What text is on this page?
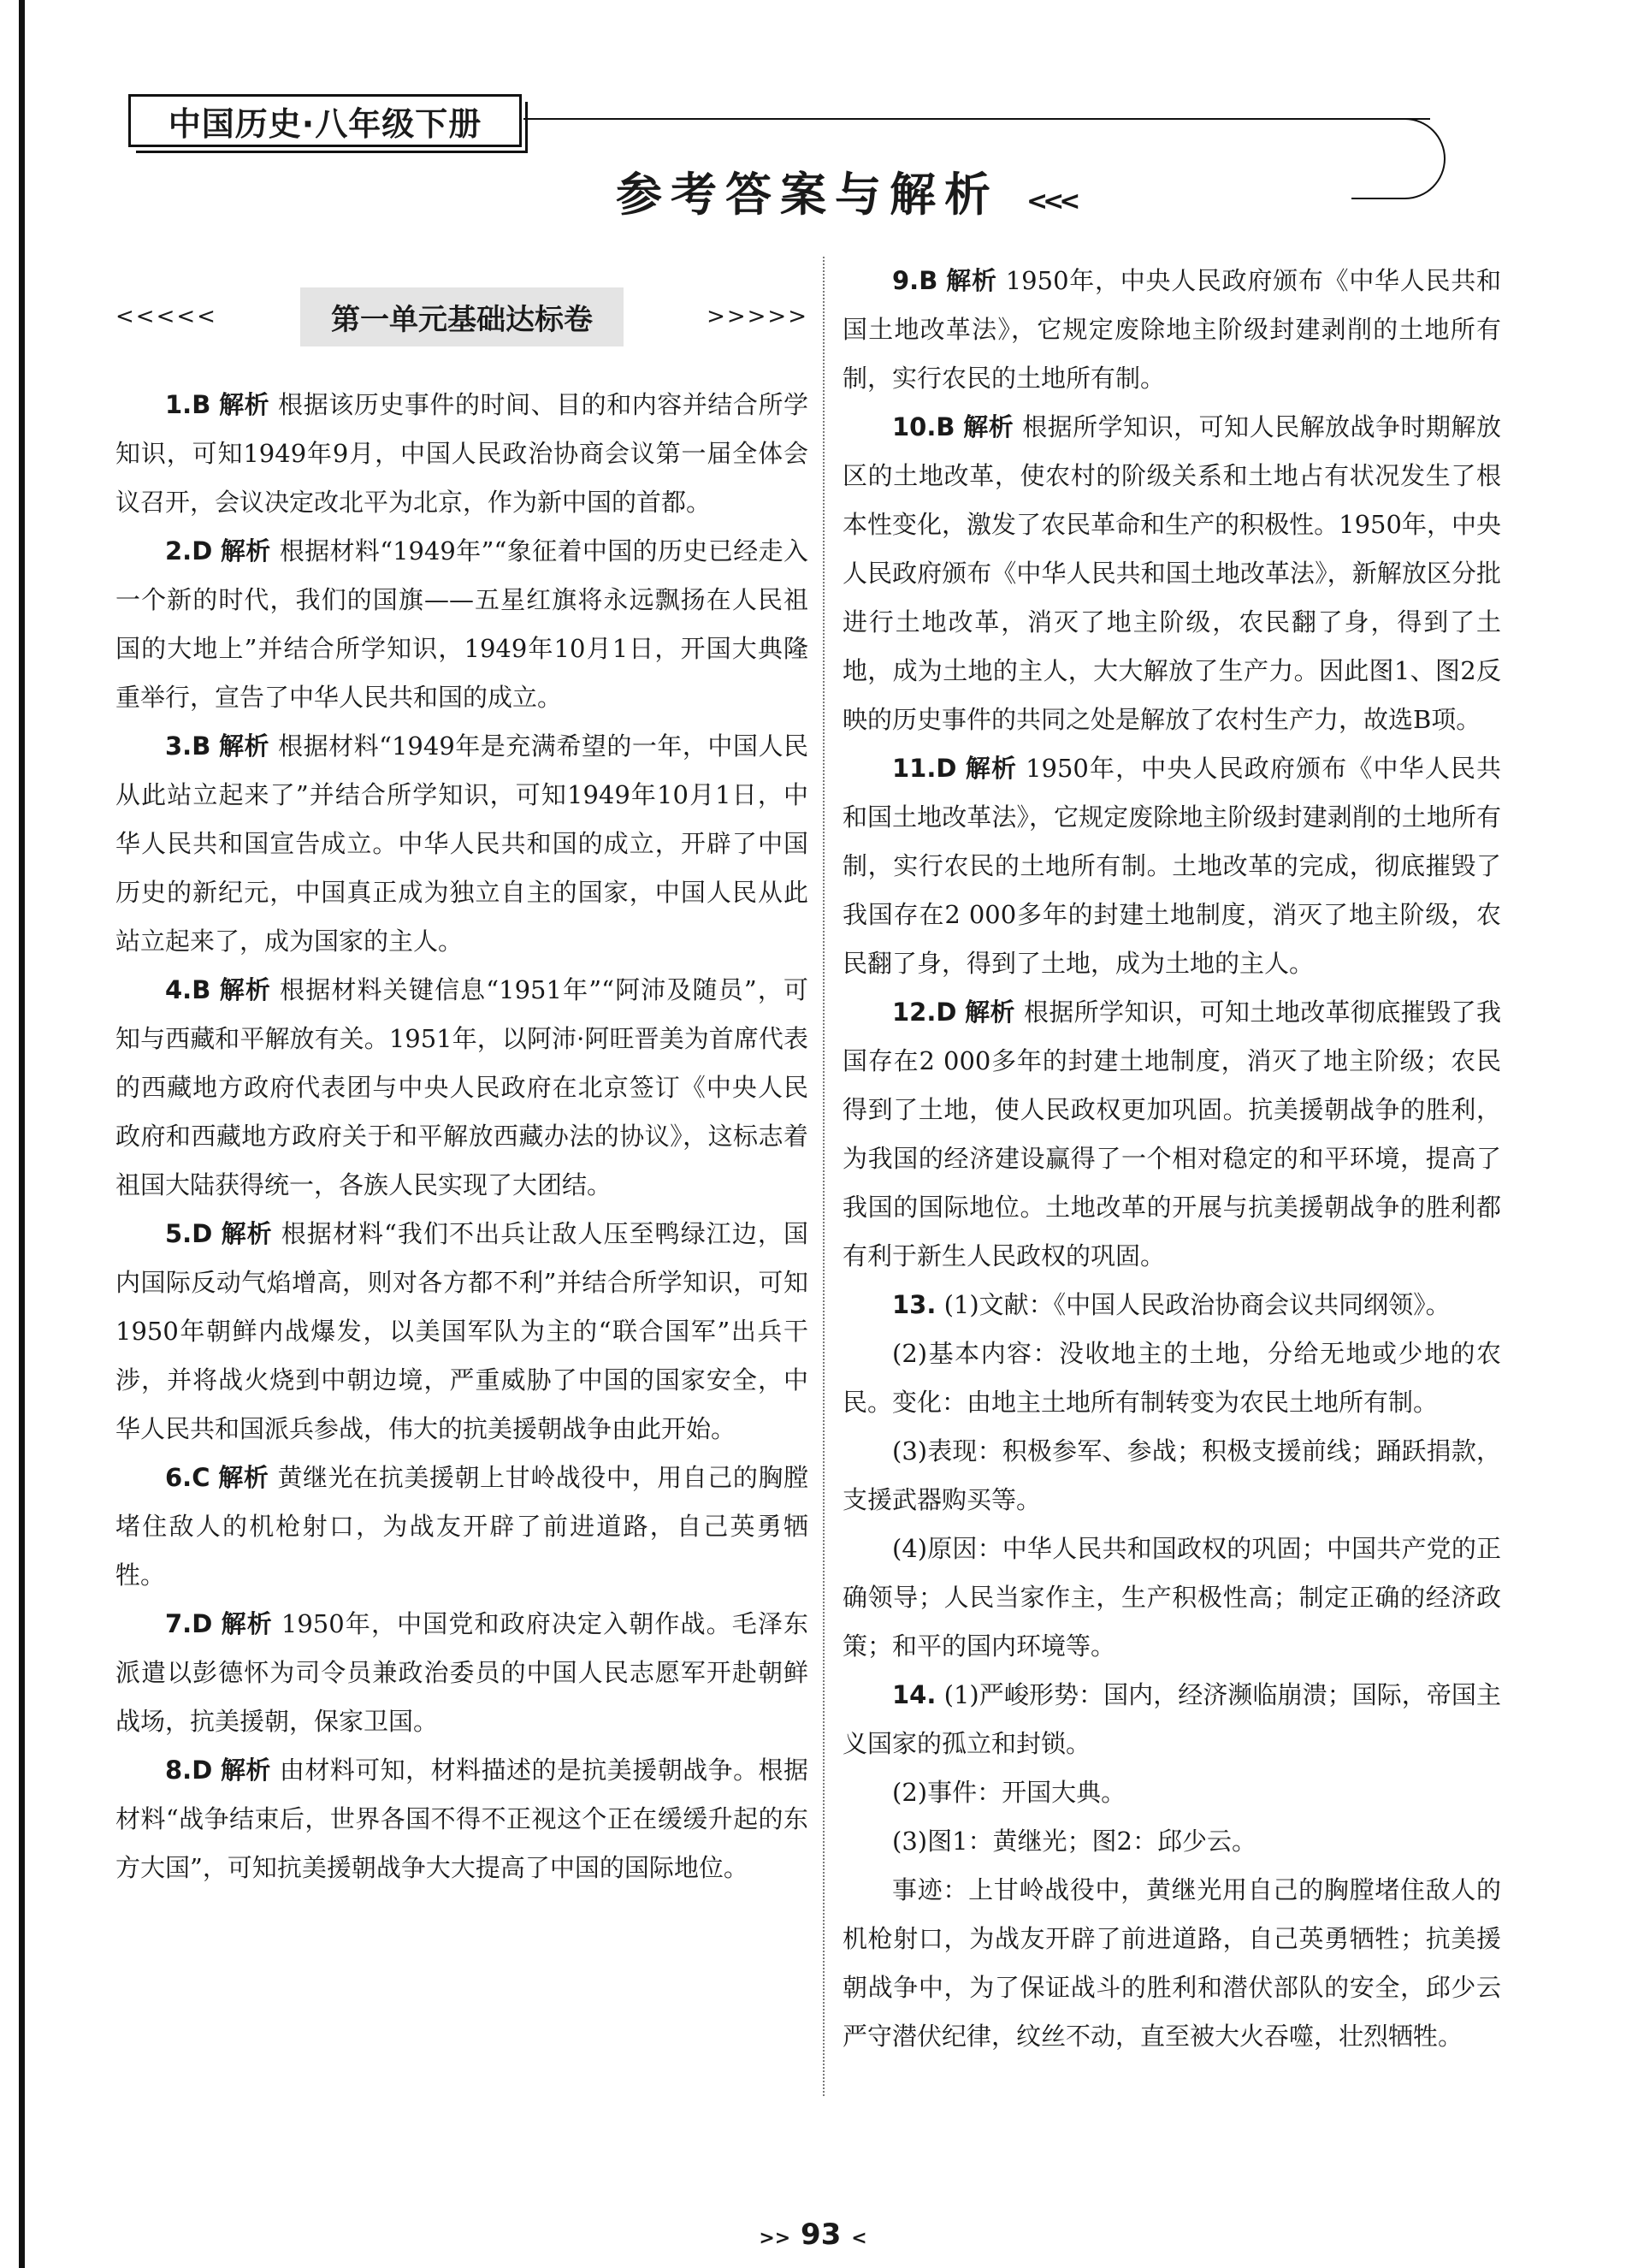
中国历史·八年级下册
参考答案与解析 <<<
<<<<<	第一单元基础达标卷	>>>>>

1.B 解析 根据该历史事件的时间、目的和内容并结合所学知识，可知1949年9月，中国人民政治协商会议第一届全体会议召开，会议决定改北平为北京，作为新中国的首都。

2.D 解析 根据材料“1949年”“象征着中国的历史已经走入一个新的时代，我们的国旗——五星红旗将永远飘扬在人民祖国的大地上”并结合所学知识，1949年10月1日，开国大典隆重举行，宣告了中华人民共和国的成立。

3.B 解析 根据材料“1949年是充满希望的一年，中国人民从此站立起来了”并结合所学知识，可知1949年10月1日，中华人民共和国宣告成立。中华人民共和国的成立，开辟了中国历史的新纪元，中国真正成为独立自主的国家，中国人民从此站立起来了，成为国家的主人。

4.B 解析 根据材料关键信息“1951年”“阿沛及随员”，可知与西藏和平解放有关。1951年，以阿沛·阿旺晋美为首席代表的西藏地方政府代表团与中央人民政府在北京签订《中央人民政府和西藏地方政府关于和平解放西藏办法的协议》，这标志着祖国大陆获得统一，各族人民实现了大团结。

5.D 解析 根据材料“我们不出兵让敌人压至鸭绿江边，国内国际反动气焰增高，则对各方都不利”并结合所学知识，可知1950年朝鲜内战爆发，以美国军队为主的“联合国军”出兵干涉，并将战火烧到中朝边境，严重威胁了中国的国家安全，中华人民共和国派兵参战，伟大的抗美援朝战争由此开始。

6.C 解析 黄继光在抗美援朝上甘岭战役中，用自己的胸膛堵住敌人的机枪射口，为战友开辟了前进道路，自己英勇牺牲。

7.D 解析 1950年，中国党和政府决定入朝作战。毛泽东派遣以彭德怀为司令员兼政治委员的中国人民志愿军开赴朝鲜战场，抗美援朝，保家卫国。

8.D 解析 由材料可知，材料描述的是抗美援朝战争。根据材料“战争结束后，世界各国不得不正视这个正在缓缓升起的东方大国”，可知抗美援朝战争大大提高了中国的国际地位。

9.B 解析 1950年，中央人民政府颁布《中华人民共和国土地改革法》，它规定废除地主阶级封建剥削的土地所有制，实行农民的土地所有制。

10.B 解析 根据所学知识，可知人民解放战争时期解放区的土地改革，使农村的阶级关系和土地占有状况发生了根本性变化，激发了农民革命和生产的积极性。1950年，中央人民政府颁布《中华人民共和国土地改革法》，新解放区分批进行土地改革，消灭了地主阶级，农民翻了身，得到了土地，成为土地的主人，大大解放了生产力。因此图1、图2反映的历史事件的共同之处是解放了农村生产力，故选B项。

11.D 解析 1950年，中央人民政府颁布《中华人民共和国土地改革法》，它规定废除地主阶级封建剥削的土地所有制，实行农民的土地所有制。土地改革的完成，彻底摧毁了我国存在2 000多年的封建土地制度，消灭了地主阶级，农民翻了身，得到了土地，成为土地的主人。

12.D 解析 根据所学知识，可知土地改革彻底摧毁了我国存在2 000多年的封建土地制度，消灭了地主阶级；农民得到了土地，使人民政权更加巩固。抗美援朝战争的胜利，为我国的经济建设赢得了一个相对稳定的和平环境，提高了我国的国际地位。土地改革的开展与抗美援朝战争的胜利都有利于新生人民政权的巩固。

13. (1)文献：《中国人民政治协商会议共同纲领》。

(2)基本内容：没收地主的土地，分给无地或少地的农民。变化：由地主土地所有制转变为农民土地所有制。

(3)表现：积极参军、参战；积极支援前线；踊跃捐款，支援武器购买等。

(4)原因：中华人民共和国政权的巩固；中国共产党的正确领导；人民当家作主，生产积极性高；制定正确的经济政策；和平的国内环境等。

14. (1)严峻形势：国内，经济濒临崩溃；国际，帝国主义国家的孤立和封锁。

(2)事件：开国大典。

(3)图1：黄继光；图2：邱少云。

事迹：上甘岭战役中，黄继光用自己的胸膛堵住敌人的机枪射口，为战友开辟了前进道路，自己英勇牺牲；抗美援朝战争中，为了保证战斗的胜利和潜伏部队的安全，邱少云严守潜伏纪律，纹丝不动，直至被大火吞噬，壮烈牺牲。

>> 93 <
